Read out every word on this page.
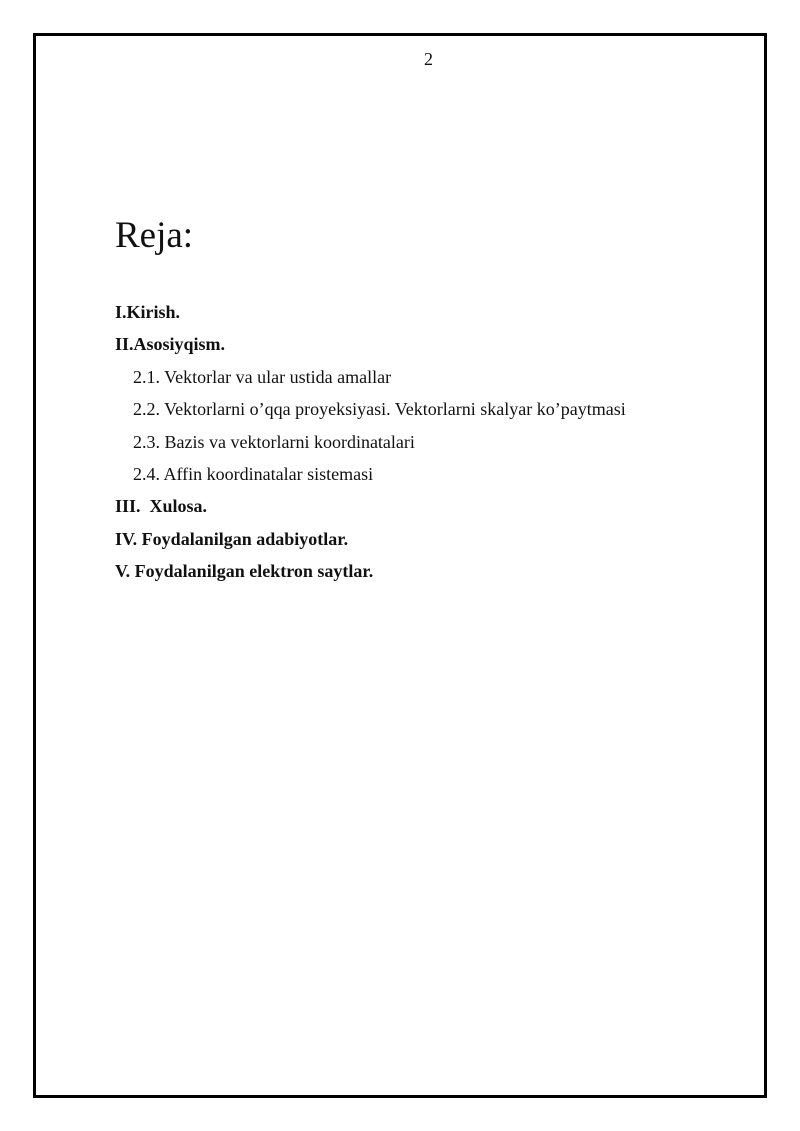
2
Reja:
I.Kirish.
II.Asosiyqism.
2.1. Vektorlar va ular ustida amallar
2.2. Vektorlarni o’qqa proyeksiyasi. Vektorlarni skalyar ko’paytmasi
2.3. Bazis va vektorlarni koordinatalari
2.4. Affin koordinatalar sistemasi
III.  Xulosa.
IV. Foydalanilgan adabiyotlar.
V. Foydalanilgan elektron saytlar.
